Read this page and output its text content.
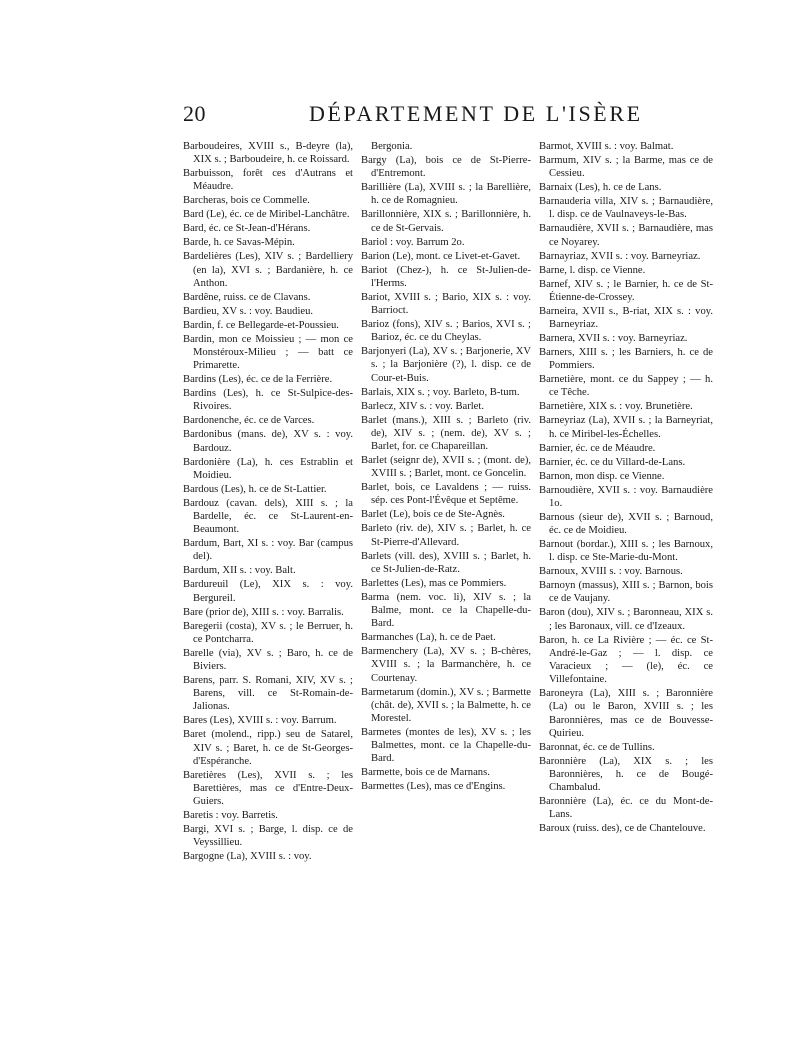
20	DÉPARTEMENT DE L'ISÈRE

Barboudeires, XVIII s., B-deyre (la), XIX s. ; Barboudeire, h. ce Roissard.

Barbuisson, forêt ces d'Autrans et Méaudre.

Barcheras, bois ce Commelle.

Bard (Le), éc. ce de Miribel-Lanchâtre.

Bard, éc. ce St-Jean-d'Hérans.

Barde, h. ce Savas-Mépin.

Bardelières (Les), XIV s. ; Bardelliery (en la), XVI s. ; Bardanière, h. ce Anthon.

Bardêne, ruiss. ce de Clavans.

Bardieu, XV s. : voy. Baudieu.

Bardin, f. ce Bellegarde-et-Poussieu.

Bardin, mon ce Moissieu ; — mon ce Monstéroux-Milieu ; — batt ce Primarette.

Bardins (Les), éc. ce de la Ferrière.

Bardins (Les), h. ce St-Sulpice-des-Rivoires.

Bardonenche, éc. ce de Varces.

Bardonibus (mans. de), XV s. : voy. Bardouz.

Bardonière (La), h. ces Estrablin et Moidieu.

Bardous (Les), h. ce de St-Lattier.

Bardouz (cavan. dels), XIII s. ; la Bardelle, éc. ce St-Laurent-en-Beaumont.

Bardum, Bart, XI s. : voy. Bar (campus del).

Bardum, XII s. : voy. Balt.

Bardureuil (Le), XIX s. : voy. Bergureil.

Bare (prior de), XIII s. : voy. Barralis.

Baregerii (costa), XV s. ; le Berruer, h. ce Pontcharra.

Barelle (via), XV s. ; Baro, h. ce de Biviers.

Barens, parr. S. Romani, XIV, XV s. ; Barens, vill. ce St-Romain-de-Jalionas.

Bares (Les), XVIII s. : voy. Barrum.

Baret (molend., ripp.) seu de Satarel, XIV s. ; Baret, h. ce de St-Georges-d'Espéranche.

Baretières (Les), XVII s. ; les Barettières, mas ce d'Entre-Deux-Guiers.

Baretis : voy. Barretis.

Bargi, XVI s. ; Barge, l. disp. ce de Veyssillieu.

Bargogne (La), XVIII s. : voy.

Bergonia.

Bargy (La), bois ce de St-Pierre-d'Entremont.

Barillière (La), XVIII s. ; la Barellière, h. ce de Romagnieu.

Barillonnière, XIX s. ; Barillonnière, h. ce de St-Gervais.

Bariol : voy. Barrum 2o.

Barion (Le), mont. ce Livet-et-Gavet.

Bariot (Chez-), h. ce St-Julien-de-l'Herms.

Bariot, XVIII s. ; Bario, XIX s. : voy. Barrioct.

Barioz (fons), XIV s. ; Barios, XVI s. ; Barioz, éc. ce du Cheylas.

Barjonyeri (La), XV s. ; Barjonerie, XV s. ; la Barjonière (?), l. disp. ce de Cour-et-Buis.

Barlais, XIX s. ; voy. Barleto, B-tum.

Barlecz, XIV s. : voy. Barlet.

Barlet (mans.), XIII s. ; Barleto (riv. de), XIV s. ; (nem. de), XV s. ; Barlet, for. ce Chapareillan.

Barlet (seignr de), XVII s. ; (mont. de), XVIII s. ; Barlet, mont. ce Goncelin.

Barlet, bois, ce Lavaldens ; — ruiss. sép. ces Pont-l'Évêque et Septême.

Barlet (Le), bois ce de Ste-Agnès.

Barleto (riv. de), XIV s. ; Barlet, h. ce St-Pierre-d'Allevard.

Barlets (vill. des), XVIII s. ; Barlet, h. ce St-Julien-de-Ratz.

Barlettes (Les), mas ce Pommiers.

Barma (nem. voc. li), XIV s. ; la Balme, mont. ce la Chapelle-du-Bard.

Barmanches (La), h. ce de Paet.

Barmenchery (La), XV s. ; B-chères, XVIII s. ; la Barmanchère, h. ce Courtenay.

Barmetarum (domin.), XV s. ; Barmette (chât. de), XVII s. ; la Balmette, h. ce Morestel.

Barmetes (montes de les), XV s. ; les Balmettes, mont. ce la Chapelle-du-Bard.

Barmette, bois ce de Marnans.

Barmettes (Les), mas ce d'Engins.

Barmot, XVIII s. : voy. Balmat.

Barmum, XIV s. ; la Barme, mas ce de Cessieu.

Barnaix (Les), h. ce de Lans.

Barnauderia villa, XIV s. ; Barnaudière, l. disp. ce de Vaulnaveys-le-Bas.

Barnaudière, XVII s. ; Barnaudière, mas ce Noyarey.

Barnayriaz, XVII s. : voy. Barneyriaz.

Barne, l. disp. ce Vienne.

Barnef, XIV s. ; le Barnier, h. ce de St-Étienne-de-Crossey.

Barneira, XVII s., B-riat, XIX s. : voy. Barneyriaz.

Barnera, XVII s. : voy. Barneyriaz.

Barners, XIII s. ; les Barniers, h. ce de Pommiers.

Barnetière, mont. ce du Sappey ; — h. ce Têche.

Barnetière, XIX s. : voy. Brunetière.

Barneyriaz (La), XVII s. ; la Barneyriat, h. ce Miribel-les-Échelles.

Barnier, éc. ce de Méaudre.

Barnier, éc. ce du Villard-de-Lans.

Barnon, mon disp. ce Vienne.

Barnoudière, XVII s. : voy. Barnaudière 1o.

Barnous (sieur de), XVII s. ; Barnoud, éc. ce de Moidieu.

Barnout (bordar.), XIII s. ; les Barnoux, l. disp. ce Ste-Marie-du-Mont.

Barnoux, XVIII s. : voy. Barnous.

Barnoyn (massus), XIII s. ; Barnon, bois ce de Vaujany.

Baron (dou), XIV s. ; Baronneau, XIX s. ; les Baronaux, vill. ce d'Izeaux.

Baron, h. ce La Rivière ; — éc. ce St-André-le-Gaz ; — l. disp. ce Varacieux ; — (le), éc. ce Villefontaine.

Baroneyra (La), XIII s. ; Baronnière (La) ou le Baron, XVIII s. ; les Baronnières, mas ce de Bouvesse-Quirieu.

Baronnat, éc. ce de Tullins.

Baronnière (La), XIX s. ; les Baronnières, h. ce de Bougé-Chambalud.

Baronnière (La), éc. ce du Mont-de-Lans.

Baroux (ruiss. des), ce de Chantelouve.
